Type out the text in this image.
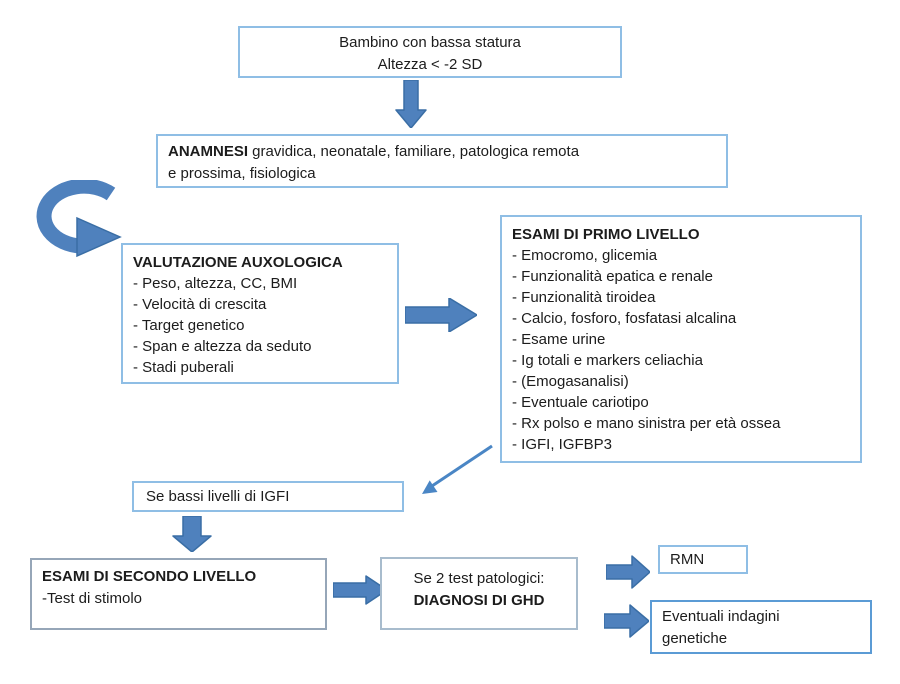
Bambino con bassa statura
Altezza < -2 SD
ANAMNESI gravidica, neonatale, familiare, patologica remota
e prossima, fisiologica
VALUTAZIONE AUXOLOGICA
- Peso, altezza, CC, BMI
- Velocità di crescita
- Target genetico
- Span e altezza da seduto
- Stadi puberali
ESAMI DI PRIMO LIVELLO
- Emocromo, glicemia
- Funzionalità epatica e renale
- Funzionalità tiroidea
- Calcio, fosforo, fosfatasi alcalina
- Esame urine
- Ig totali e markers celiachia
- (Emogasanalisi)
- Eventuale cariotipo
- Rx polso e mano sinistra per età ossea
- IGFI, IGFBP3
Se bassi livelli di IGFI
ESAMI DI SECONDO LIVELLO
-Test di stimolo
Se 2 test patologici:
DIAGNOSI DI GHD
RMN
Eventuali indagini
genetiche
